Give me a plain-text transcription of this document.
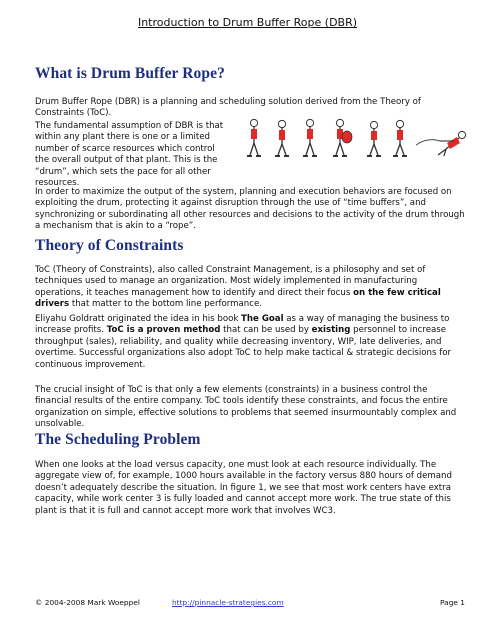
Introduction to Drum Buffer Rope (DBR)
What is Drum Buffer Rope?

Drum Buffer Rope (DBR) is a planning and scheduling solution derived from the Theory of Constraints (ToC).

The fundamental assumption of DBR is that within any plant there is one or a limited number of scarce resources which control the overall output of that plant. This is the “drum”, which sets the pace for all other resources.

In order to maximize the output of the system, planning and execution behaviors are focused on exploiting the drum, protecting it against disruption through the use of “time buffers”, and synchronizing or subordinating all other resources and decisions to the activity of the drum through a mechanism that is akin to a “rope”.

Theory of Constraints

ToC (Theory of Constraints), also called Constraint Management, is a philosophy and set of techniques used to manage an organization. Most widely implemented in manufacturing operations, it teaches management how to identify and direct their focus on the few critical drivers that matter to the bottom line performance.

Eliyahu Goldratt originated the idea in his book The Goal as a way of managing the business to increase profits. ToC is a proven method that can be used by existing personnel to increase throughput (sales), reliability, and quality while decreasing inventory, WIP, late deliveries, and overtime. Successful organizations also adopt ToC to help make tactical & strategic decisions for continuous improvement.

The crucial insight of ToC is that only a few elements (constraints) in a business control the financial results of the entire company. ToC tools identify these constraints, and focus the entire organization on simple, effective solutions to problems that seemed insurmountably complex and unsolvable.

The Scheduling Problem

When one looks at the load versus capacity, one must look at each resource individually. The aggregate view of, for example, 1000 hours available in the factory versus 880 hours of demand doesn’t adequately describe the situation. In figure 1, we see that most work centers have extra capacity, while work center 3 is fully loaded and cannot accept more work. The true state of this plant is that it is full and cannot accept more work that involves WC3.

© 2004-2008 Mark Woeppel	http://pinnacle-strategies.com	Page 1
